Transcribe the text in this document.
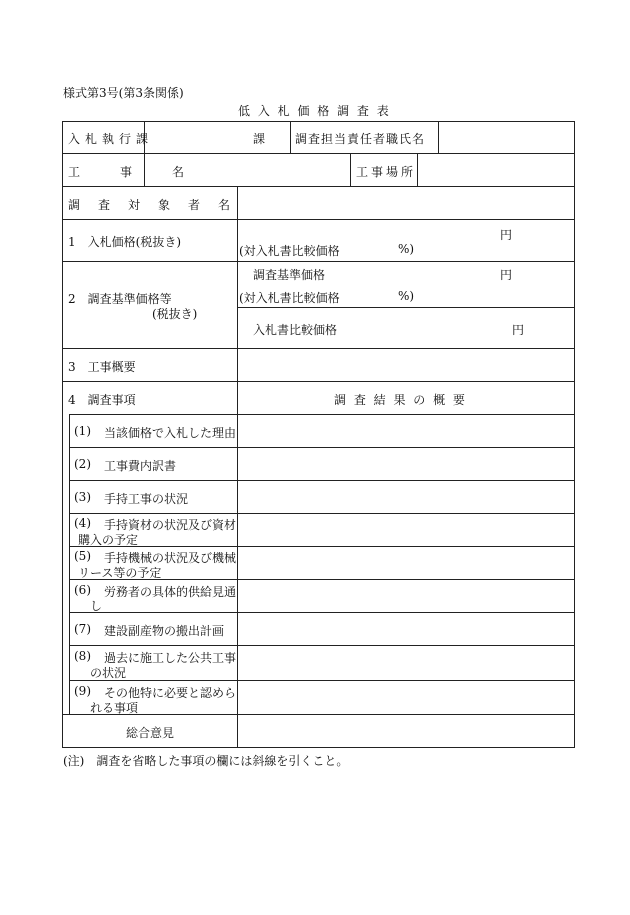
様式第3号(第3条関係)
低 入 札 価 格 調 査 表
入札執行課	課 調査担当責任者職氏名
工　事　名	工事場所
調査対象者名
1　入札価格(税抜き)	円
(対入札書比較価格	%)
2　調査基準価格等
(税抜き)
調査基準価格	円
(対入札書比較価格	%)
入札書比較価格	円
3　工事概要
4　調査事項	調 査 結 果 の 概 要
(1) 当該価格で入札した理由
(2) 工事費内訳書
(3) 手持工事の状況
(4) 手持資材の状況及び資材
購入の予定
(5) 手持機械の状況及び機械
リース等の予定
(6) 労務者の具体的供給見通
し
(7) 建設副産物の搬出計画
(8) 過去に施工した公共工事
の状況
(9) その他特に必要と認めら
れる事項
総合意見
(注)　調査を省略した事項の欄には斜線を引くこと。
